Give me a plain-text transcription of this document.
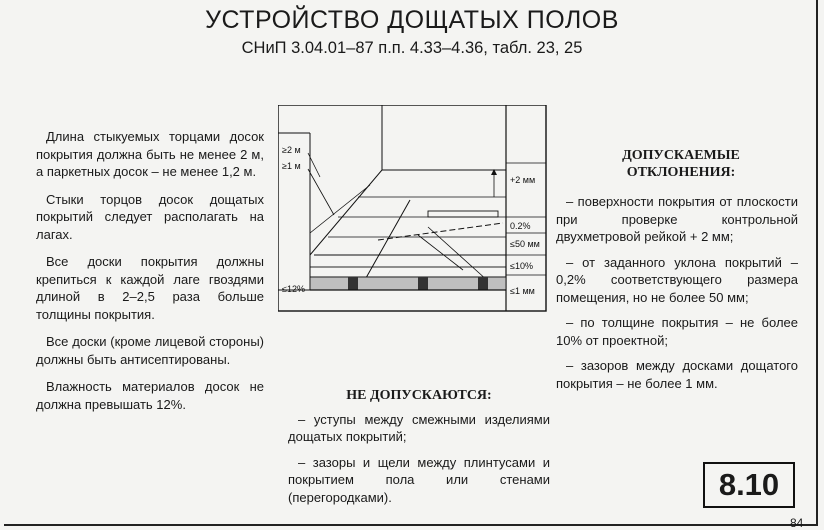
УСТРОЙСТВО ДОЩАТЫХ ПОЛОВ
СНиП 3.04.01–87 п.п. 4.33–4.36, табл. 23, 25

Длина стыкуемых торцами досок покрытия должна быть не менее 2 м, а паркетных досок – не менее 1,2 м.

Стыки торцов досок дощатых покрытий следует располагать на лагах.

Все доски покрытия должны крепиться к каждой лаге гвоздями длиной в 2–2,5 раза больше толщины покрытия.

Все доски (кроме лицевой стороны) должны быть антисептированы.

Влажность материалов досок не должна превышать 12%.

≥2 м
≥1 м
+2 мм
0.2%
≤50 мм
≤10%
≤12%	≤1 мм
ДОПУСКАЕМЫЕ ОТКЛОНЕНИЯ:

– поверхности покрытия от плоскости при проверке контрольной двухметровой рейкой + 2 мм;

– от заданного уклона покрытий – 0,2% соответствующего размера помещения, но не более 50 мм;

– по толщине покрытия – не более 10% от проектной;

– зазоров между досками дощатого покрытия – не более 1 мм.

НЕ ДОПУСКАЮТСЯ:

– уступы между смежными изделиями дощатых покрытий;

– зазоры и щели между плинтусами и покрытием пола или стенами (перегородками).	8.10
84
